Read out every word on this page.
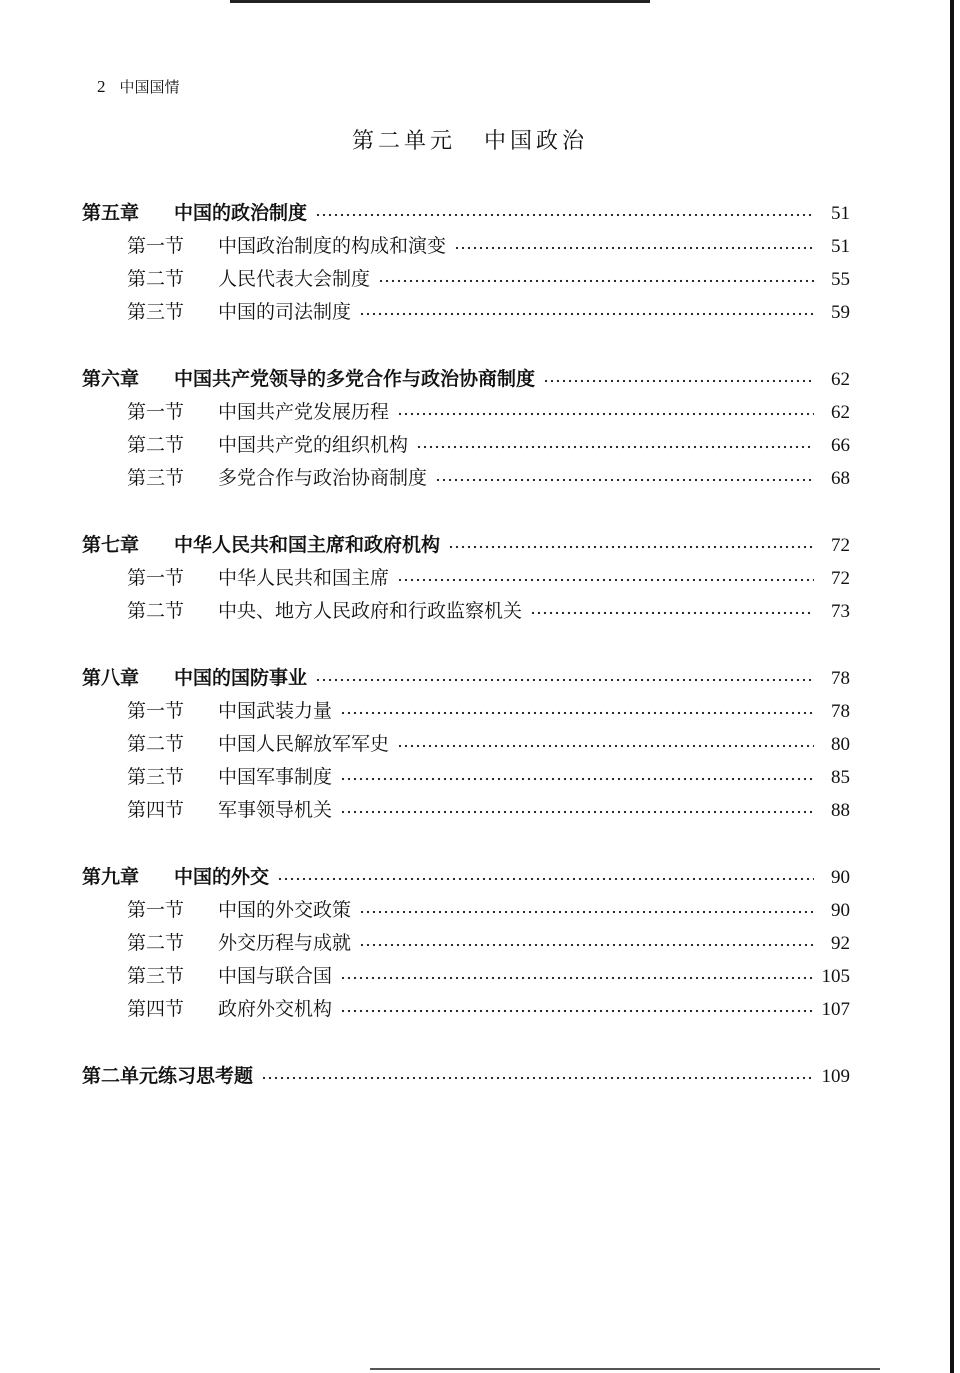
2 中国国情
第二单元 中国政治
第五章	中国的政治制度	51
第一节	中国政治制度的构成和演变	51
第二节	人民代表大会制度	55
第三节	中国的司法制度	59
第六章	中国共产党领导的多党合作与政治协商制度	62
第一节	中国共产党发展历程	62
第二节	中国共产党的组织机构	66
第三节	多党合作与政治协商制度	68
第七章	中华人民共和国主席和政府机构	72
第一节	中华人民共和国主席	72
第二节	中央、地方人民政府和行政监察机关	73
第八章	中国的国防事业	78
第一节	中国武装力量	78
第二节	中国人民解放军军史	80
第三节	中国军事制度	85
第四节	军事领导机关	88
第九章	中国的外交	90
第一节	中国的外交政策	90
第二节	外交历程与成就	92
第三节	中国与联合国	105
第四节	政府外交机构	107
第二单元练习思考题	109
